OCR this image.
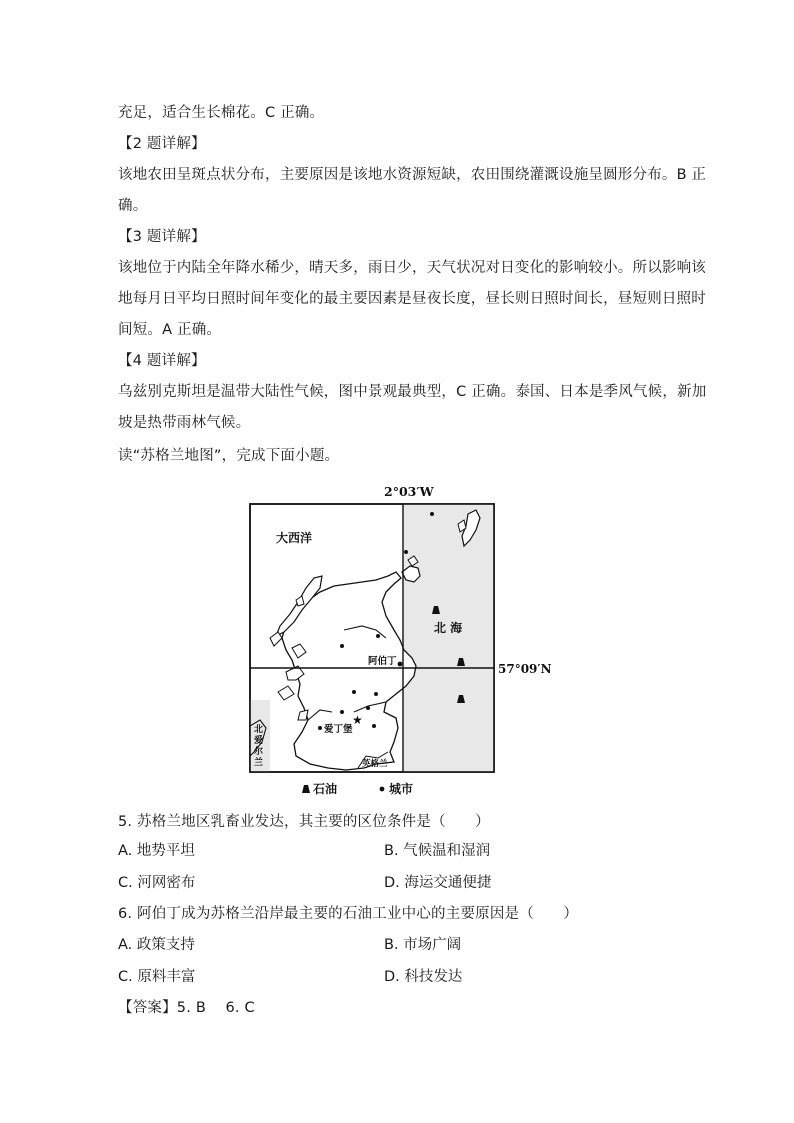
充足，适合生长棉花。C 正确。
【2 题详解】
该地农田呈斑点状分布，主要原因是该地水资源短缺，农田围绕灌溉设施呈圆形分布。B 正
确。
【3 题详解】
该地位于内陆全年降水稀少，晴天多，雨日少，天气状况对日变化的影响较小。所以影响该
地每月日平均日照时间年变化的最主要因素是昼夜长度，昼长则日照时间长，昼短则日照时
间短。A 正确。
【4 题详解】
乌兹别克斯坦是温带大陆性气候，图中景观最典型，C 正确。泰国、日本是季风气候，新加
坡是热带雨林气候。
读“苏格兰地图”，完成下面小题。
★
2°03′W
57°09′N
大西洋
北 海
阿伯丁
爱丁堡
北
爱
尔
兰	英格兰
石油	城市
5. 苏格兰地区乳畜业发达，其主要的区位条件是（　　）
A. 地势平坦	B. 气候温和湿润
C. 河网密布	D. 海运交通便捷
6. 阿伯丁成为苏格兰沿岸最主要的石油工业中心的主要原因是（　　）
A. 政策支持	B. 市场广阔
C. 原料丰富	D. 科技发达
【答案】5. B　 6. C
